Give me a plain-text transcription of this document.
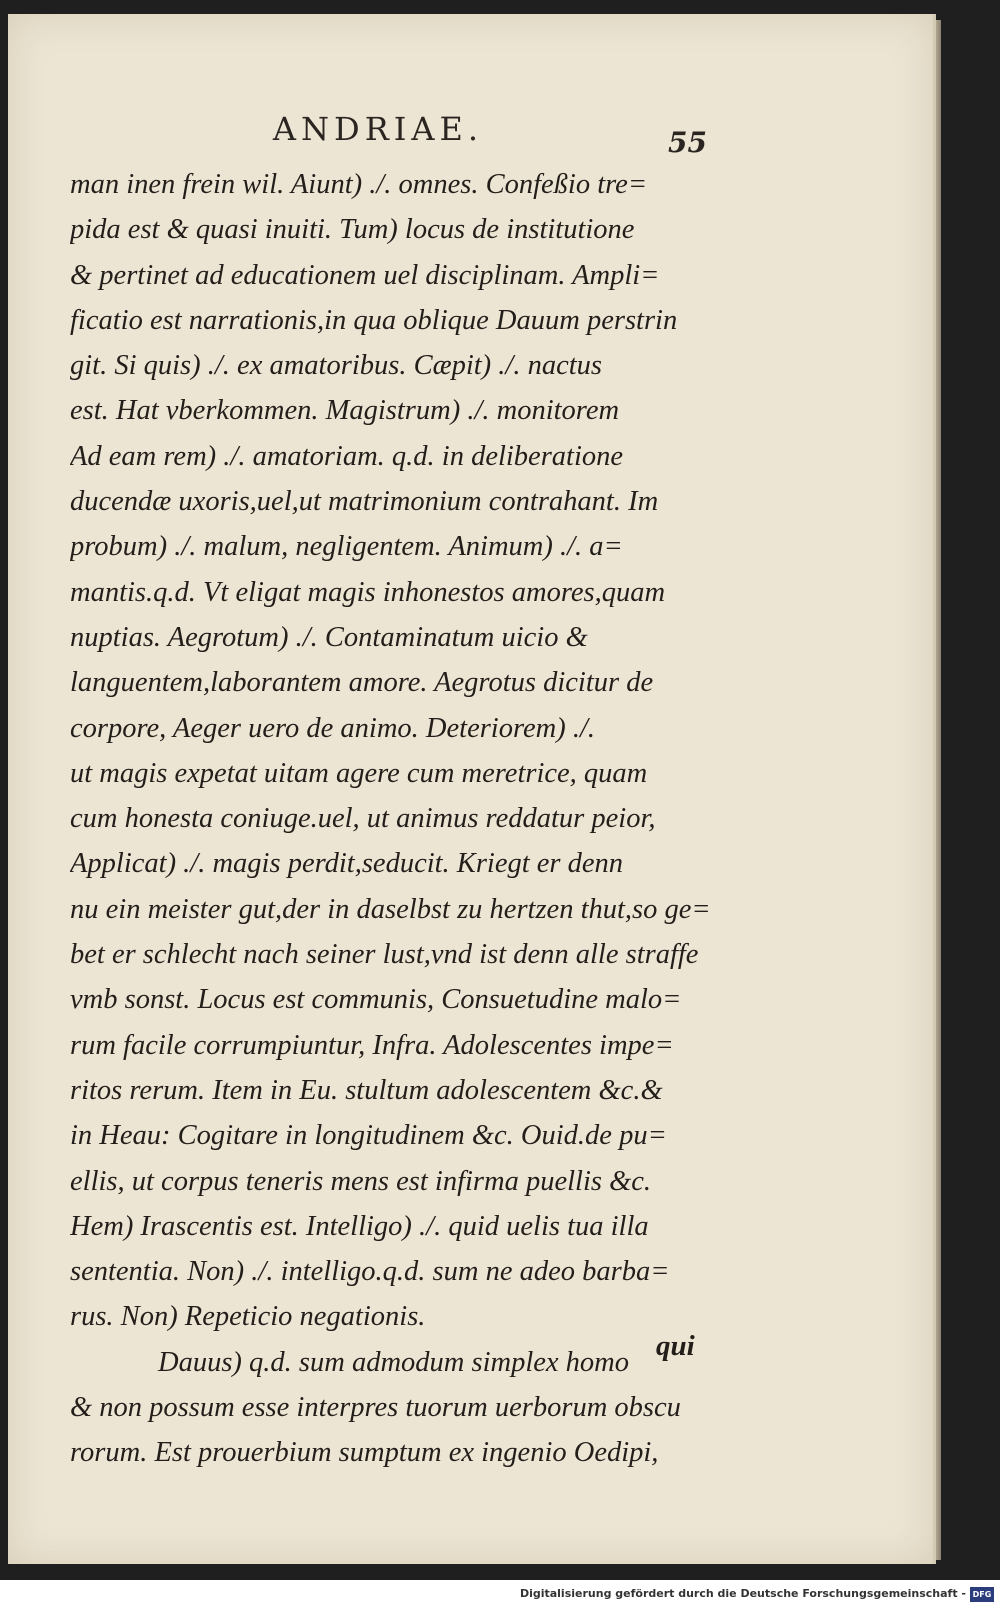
ANDRIAE.	55
man inen frein wil. Aiunt) ./. omnes. Confeßio tre=
pida est & quasi inuiti. Tum) locus de institutione
& pertinet ad educationem uel disciplinam. Ampli=
ficatio est narrationis,in qua oblique Dauum perstrin
git. Si quis) ./. ex amatoribus. Cæpit) ./. nactus
est. Hat vberkommen. Magistrum) ./. monitorem
Ad eam rem) ./. amatoriam. q.d. in deliberatione
ducendæ uxoris,uel,ut matrimonium contrahant. Im
probum) ./. malum, negligentem. Animum) ./. a=
mantis.q.d. Vt eligat magis inhonestos amores,quam
nuptias. Aegrotum) ./. Contaminatum uicio &
languentem,laborantem amore. Aegrotus dicitur de
corpore, Aeger uero de animo. Deteriorem) ./.
ut magis expetat uitam agere cum meretrice, quam
cum honesta coniuge.uel, ut animus reddatur peior,
Applicat) ./. magis perdit,seducit. Kriegt er denn
nu ein meister gut,der in daselbst zu hertzen thut,so ge=
bet er schlecht nach seiner lust,vnd ist denn alle straffe
vmb sonst. Locus est communis, Consuetudine malo=
rum facile corrumpiuntur, Infra. Adolescentes impe=
ritos rerum. Item in Eu. stultum adolescentem &c.&
in Heau: Cogitare in longitudinem &c. Ouid.de pu=
ellis, ut corpus teneris mens est infirma puellis &c.
Hem) Irascentis est. Intelligo) ./. quid uelis tua illa
sententia. Non) ./. intelligo.q.d. sum ne adeo barba=
rus. Non) Repeticio negationis.
Dauus) q.d. sum admodum simplex homo
& non possum esse interpres tuorum uerborum obscu
rorum. Est prouerbium sumptum ex ingenio Oedipi,
qui
Digitalisierung gefördert durch die Deutsche Forschungsgemeinschaft - DFG
